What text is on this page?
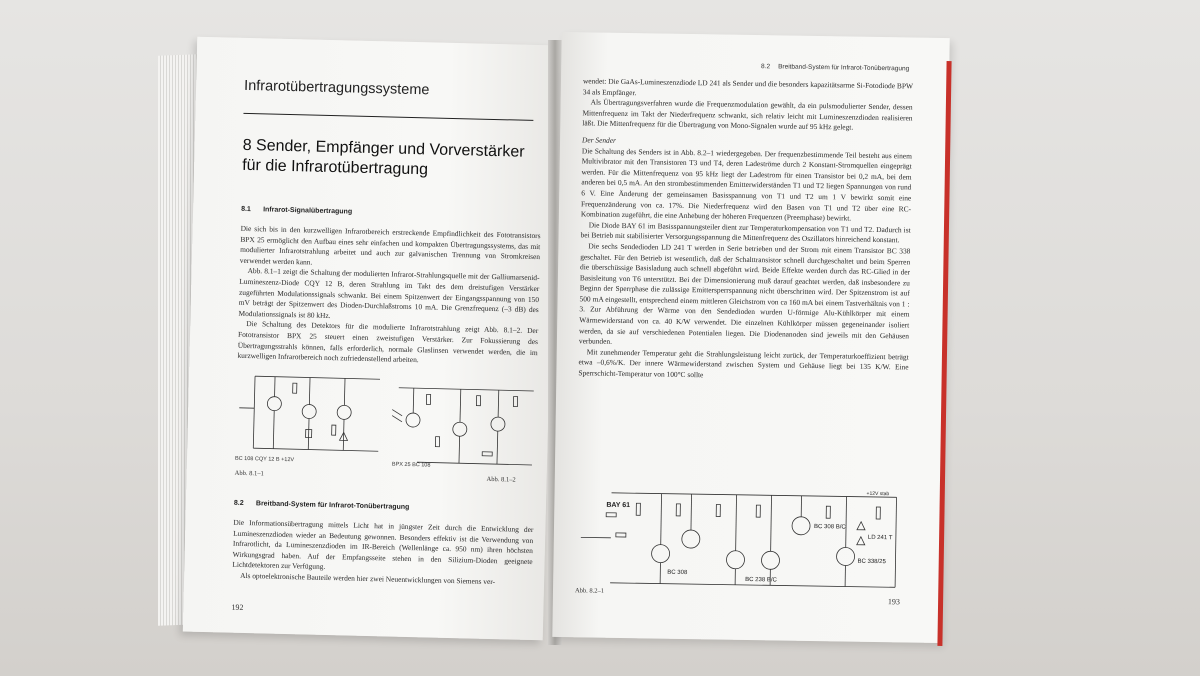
Infrarotübertragungssysteme
8 Sender, Empfänger und Vorverstärker für die Infrarotübertragung
8.1 Infrarot-Signalübertragung

Die sich bis in den kurzwelligen Infrarotbereich erstreckende Empfindlichkeit des Fototransistors BPX 25 ermöglicht den Aufbau eines sehr einfachen und kompakten Übertragungssystems, das mit modulierter Infrarotstrahlung arbeitet und auch zur galvanischen Trennung von Stromkreisen verwendet werden kann.

Abb. 8.1–1 zeigt die Schaltung der modulierten Infrarot-Strahlungsquelle mit der Galliumarsenid-Lumineszenz-Diode CQY 12 B, deren Strahlung im Takt des dem dreistufigen Verstärker zugeführten Modulationssignals schwankt. Bei einem Spitzenwert der Eingangsspannung von 150 mV beträgt der Spitzenwert des Dioden-Durchlaßstroms 10 mA. Die Grenzfrequenz (–3 dB) des Modulationssignals ist 80 kHz.

Die Schaltung des Detektors für die modulierte Infrarotstrahlung zeigt Abb. 8.1–2. Der Fototransistor BPX 25 steuert einen zweistufigen Verstärker. Zur Fokussierung des Übertragungsstrahls können, falls erforderlich, normale Glaslinsen verwendet werden, die im kurzwelligen Infrarotbereich noch zufriedenstellend arbeiten.

BC 108 CQY 12 B +12V
Abb. 8.1–1
BPX 25 BC 108
Abb. 8.1–2
8.2 Breitband-System für Infrarot-Tonübertragung

Die Informationsübertragung mittels Licht hat in jüngster Zeit durch die Entwicklung der Lumineszenzdioden wieder an Bedeutung gewonnen. Besonders effektiv ist die Verwendung von Infrarotlicht, da Lumineszenzdioden im IR-Bereich (Wellenlänge ca. 950 nm) ihren höchsten Wirkungsgrad haben. Auf der Empfangsseite stehen in den Silizium-Dioden geeignete Lichtdetektoren zur Verfügung.

Als optoelektronische Bauteile werden hier zwei Neuentwicklungen von Siemens ver-

192
8.2 Breitband-System für Infrarot-Tonübertragung

wendet: Die GaAs-Lumineszenzdiode LD 241 als Sender und die besonders kapazitätsarme Si-Fotodiode BPW 34 als Empfänger.

Als Übertragungsverfahren wurde die Frequenzmodulation gewählt, da ein pulsmodulierter Sender, dessen Mittenfrequenz im Takt der Niederfrequenz schwankt, sich relativ leicht mit Lumineszenzdioden realisieren läßt. Die Mittenfrequenz für die Übertragung von Mono-Signalen wurde auf 95 kHz gelegt.

Der Sender

Die Schaltung des Senders ist in Abb. 8.2–1 wiedergegeben. Der frequenzbestimmende Teil besteht aus einem Multivibrator mit den Transistoren T3 und T4, deren Ladeströme durch 2 Konstant-Stromquellen eingeprägt werden. Für die Mittenfrequenz von 95 kHz liegt der Ladestrom für einen Transistor bei 0,2 mA, bei dem anderen bei 0,5 mA. An den strombestimmenden Emitterwiderständen T1 und T2 liegen Spannungen von rund 6 V. Eine Änderung der gemeinsamen Basisspannung von T1 und T2 um 1 V bewirkt somit eine Frequenzänderung von ca. 17%. Die Niederfrequenz wird den Basen von T1 und T2 über eine RC-Kombination zugeführt, die eine Anhebung der höheren Frequenzen (Preemphase) bewirkt.

Die Diode BAY 61 im Basisspannungsteiler dient zur Temperaturkompensation von T1 und T2. Dadurch ist bei Betrieb mit stabilisierter Versorgungsspannung die Mittenfrequenz des Oszillators hinreichend konstant.

Die sechs Sendedioden LD 241 T werden in Serie betrieben und der Strom mit einem Transistor BC 338 geschaltet. Für den Betrieb ist wesentlich, daß der Schalttransistor schnell durchgeschaltet und beim Sperren die überschüssige Basisladung auch schnell abgeführt wird. Beide Effekte werden durch das RC-Glied in der Basisleitung von T6 unterstützt. Bei der Dimensionierung muß darauf geachtet werden, daß insbesondere zu Beginn der Sperrphase die zulässige Emittersperrspannung nicht überschritten wird. Der Spitzenstrom ist auf 500 mA eingestellt, entsprechend einem mittleren Gleichstrom von ca 160 mA bei einem Tastverhältnis von 1 : 3. Zur Abführung der Wärme von den Sendedioden wurden U-förmige Alu-Kühlkörper mit einem Wärmewiderstand von ca. 40 K/W verwendet. Die einzelnen Kühlkörper müssen gegeneinander isoliert werden, da sie auf verschiedenen Potentialen liegen. Die Diodenanoden sind jeweils mit den Gehäusen verbunden.

Mit zunehmender Temperatur geht die Strahlungsleistung leicht zurück, der Temperaturkoeffizient beträgt etwa –0,6%/K. Der innere Wärmewiderstand zwischen System und Gehäuse liegt bei 135 K/W. Eine Sperrschicht-Temperatur von 100°C sollte

BAY 61
BC 308
BC 238 B/C
BC 308 B/C
BC 338/25
LD 241 T
+12V stab
Abb. 8.2–1
193
